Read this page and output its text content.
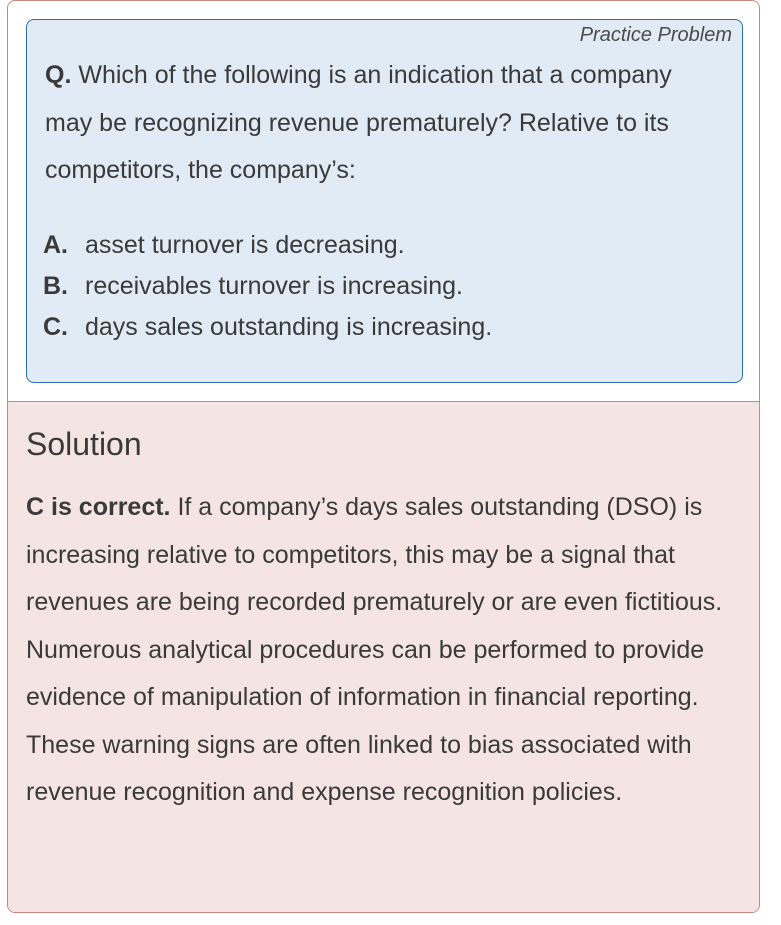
Practice Problem
Q. Which of the following is an indication that a company may be recognizing revenue prematurely? Relative to its competitors, the company’s:
A. asset turnover is decreasing.
B. receivables turnover is increasing.
C. days sales outstanding is increasing.
Solution
C is correct. If a company’s days sales outstanding (DSO) is increasing relative to competitors, this may be a signal that revenues are being recorded prematurely or are even fictitious. Numerous analytical procedures can be performed to provide evidence of manipulation of information in financial reporting. These warning signs are often linked to bias associated with revenue recognition and expense recognition policies.
